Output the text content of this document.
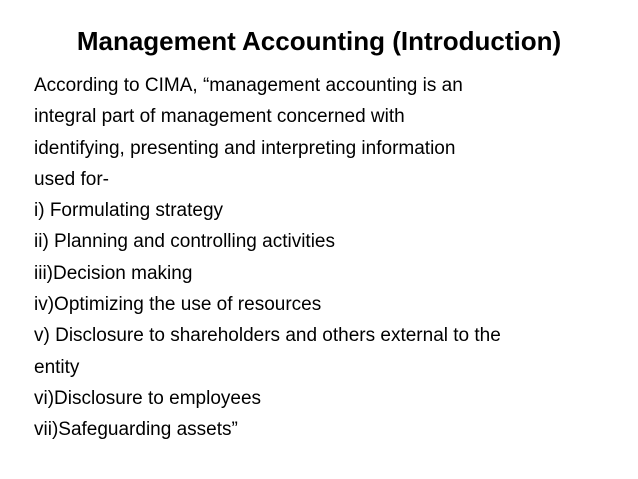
Management Accounting (Introduction)
According to CIMA, “management accounting is an
integral part of management concerned with
identifying, presenting and interpreting information
used for-
i) Formulating strategy
ii) Planning and controlling activities
iii)Decision making
iv)Optimizing the use of resources
v) Disclosure to shareholders and others external to the
entity
vi)Disclosure to employees
vii)Safeguarding assets”
